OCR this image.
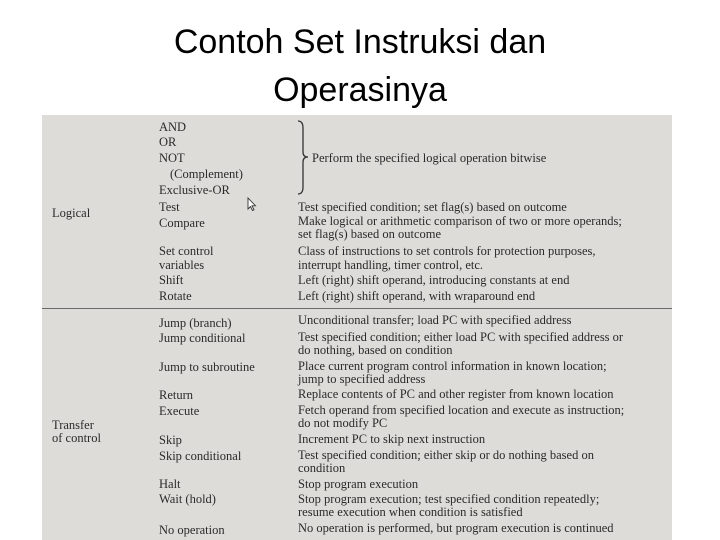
Contoh Set Instruksi dan
Operasinya

Logical

Transfer

of control

AND

OR

NOT

(Complement)

Exclusive-OR

Test

Compare

Set control

variables

Shift

Rotate

Jump (branch)

Jump conditional

Jump to subroutine

Return

Execute

Skip

Skip conditional

Halt

Wait (hold)

No operation

Perform the specified logical operation bitwise

Test specified condition; set flag(s) based on outcome

Make logical or arithmetic comparison of two or more operands;

set flag(s) based on outcome

Class of instructions to set controls for protection purposes,

interrupt handling, timer control, etc.

Left (right) shift operand, introducing constants at end

Left (right) shift operand, with wraparound end

Unconditional transfer; load PC with specified address

Test specified condition; either load PC with specified address or

do nothing, based on condition

Place current program control information in known location;

jump to specified address

Replace contents of PC and other register from known location

Fetch operand from specified location and execute as instruction;

do not modify PC

Increment PC to skip next instruction

Test specified condition; either skip or do nothing based on

condition

Stop program execution

Stop program execution; test specified condition repeatedly;

resume execution when condition is satisfied

No operation is performed, but program execution is continued
